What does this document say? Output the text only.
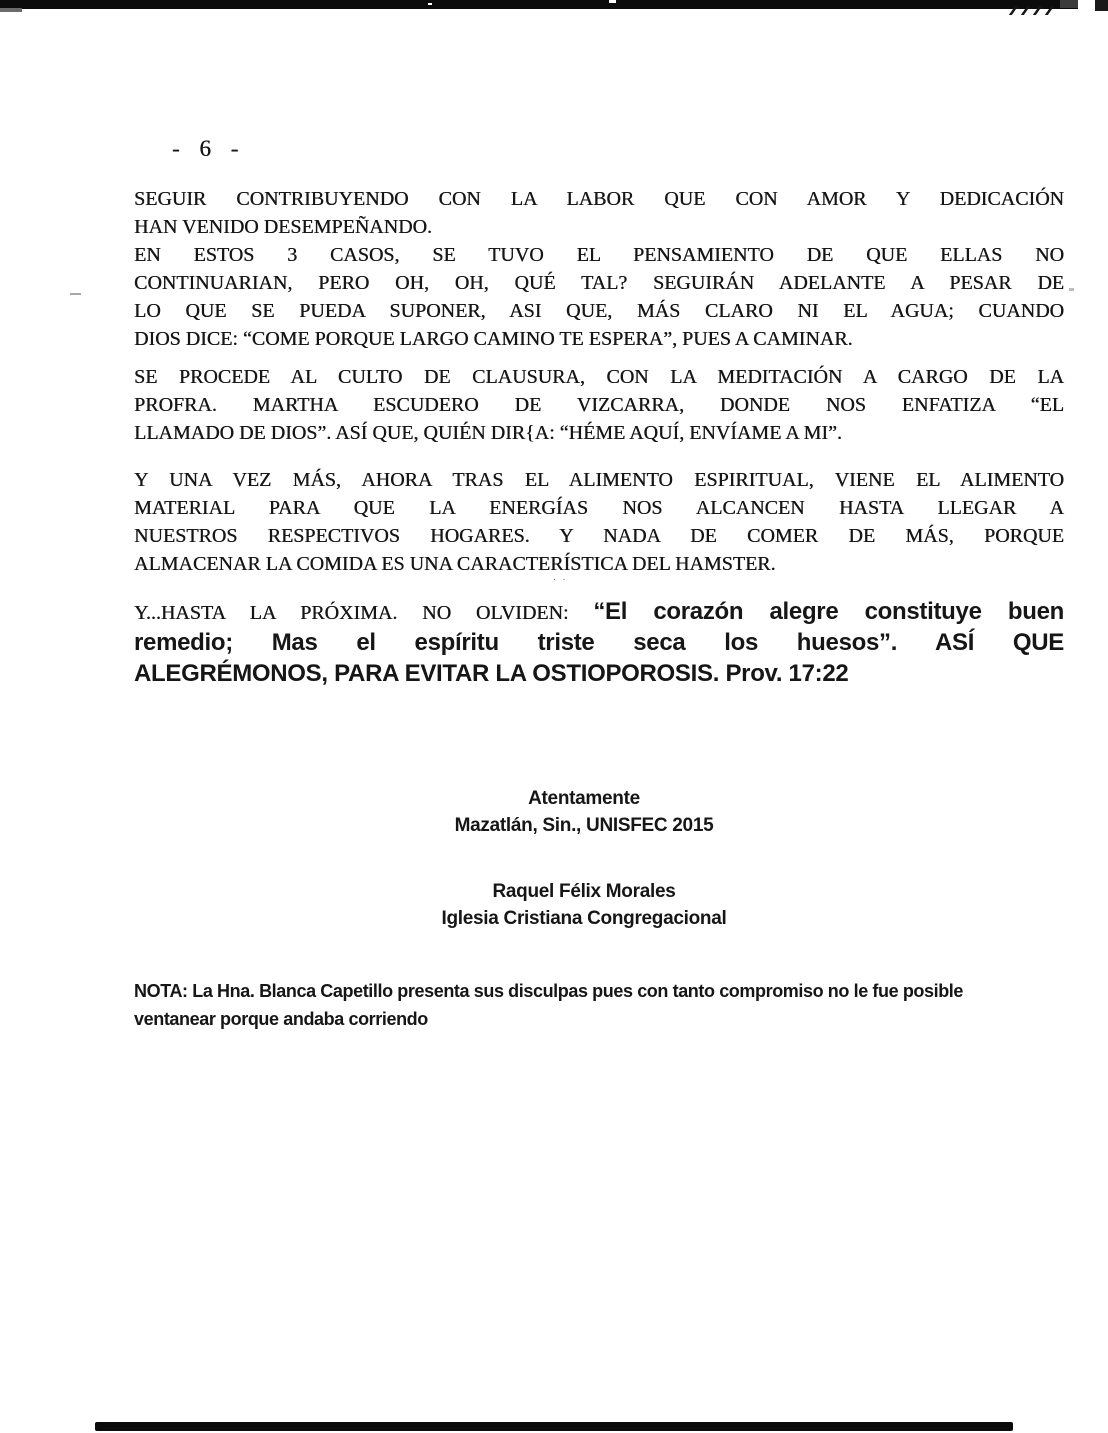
. .
- 6 -
SEGUIR CONTRIBUYENDO CON LA LABOR QUE CON AMOR Y DEDICACIÓN
HAN VENIDO DESEMPEÑANDO.
EN ESTOS 3 CASOS, SE TUVO EL PENSAMIENTO DE QUE ELLAS NO
CONTINUARIAN, PERO OH, OH, QUÉ TAL? SEGUIRÁN ADELANTE A PESAR DE
LO QUE SE PUEDA SUPONER, ASI QUE, MÁS CLARO NI EL AGUA; CUANDO
DIOS DICE: “COME PORQUE LARGO CAMINO TE ESPERA”, PUES A CAMINAR.
SE PROCEDE AL CULTO DE CLAUSURA, CON LA MEDITACIÓN A CARGO DE LA
PROFRA. MARTHA ESCUDERO DE VIZCARRA, DONDE NOS ENFATIZA “EL
LLAMADO DE DIOS”. ASÍ QUE, QUIÉN DIR{A: “HÉME AQUÍ, ENVÍAME A MI”.
Y UNA VEZ MÁS, AHORA TRAS EL ALIMENTO ESPIRITUAL, VIENE EL ALIMENTO
MATERIAL PARA QUE LA ENERGÍAS NOS ALCANCEN HASTA LLEGAR A
NUESTROS RESPECTIVOS HOGARES. Y NADA DE COMER DE MÁS, PORQUE
ALMACENAR LA COMIDA ES UNA CARACTERÍSTICA DEL HAMSTER.
Y...HASTA LA PRÓXIMA. NO OLVIDEN: “El corazón alegre constituye buen
remedio; Mas el espíritu triste seca los huesos”. ASÍ QUE
ALEGRÉMONOS, PARA EVITAR LA OSTIOPOROSIS. Prov. 17:22
NOTA: La Hna. Blanca Capetillo presenta sus disculpas pues con tanto compromiso no le fue posible
ventanear porque andaba corriendo
Atentamente
Mazatlán, Sin., UNISFEC 2015
Raquel Félix Morales
Iglesia Cristiana Congregacional
